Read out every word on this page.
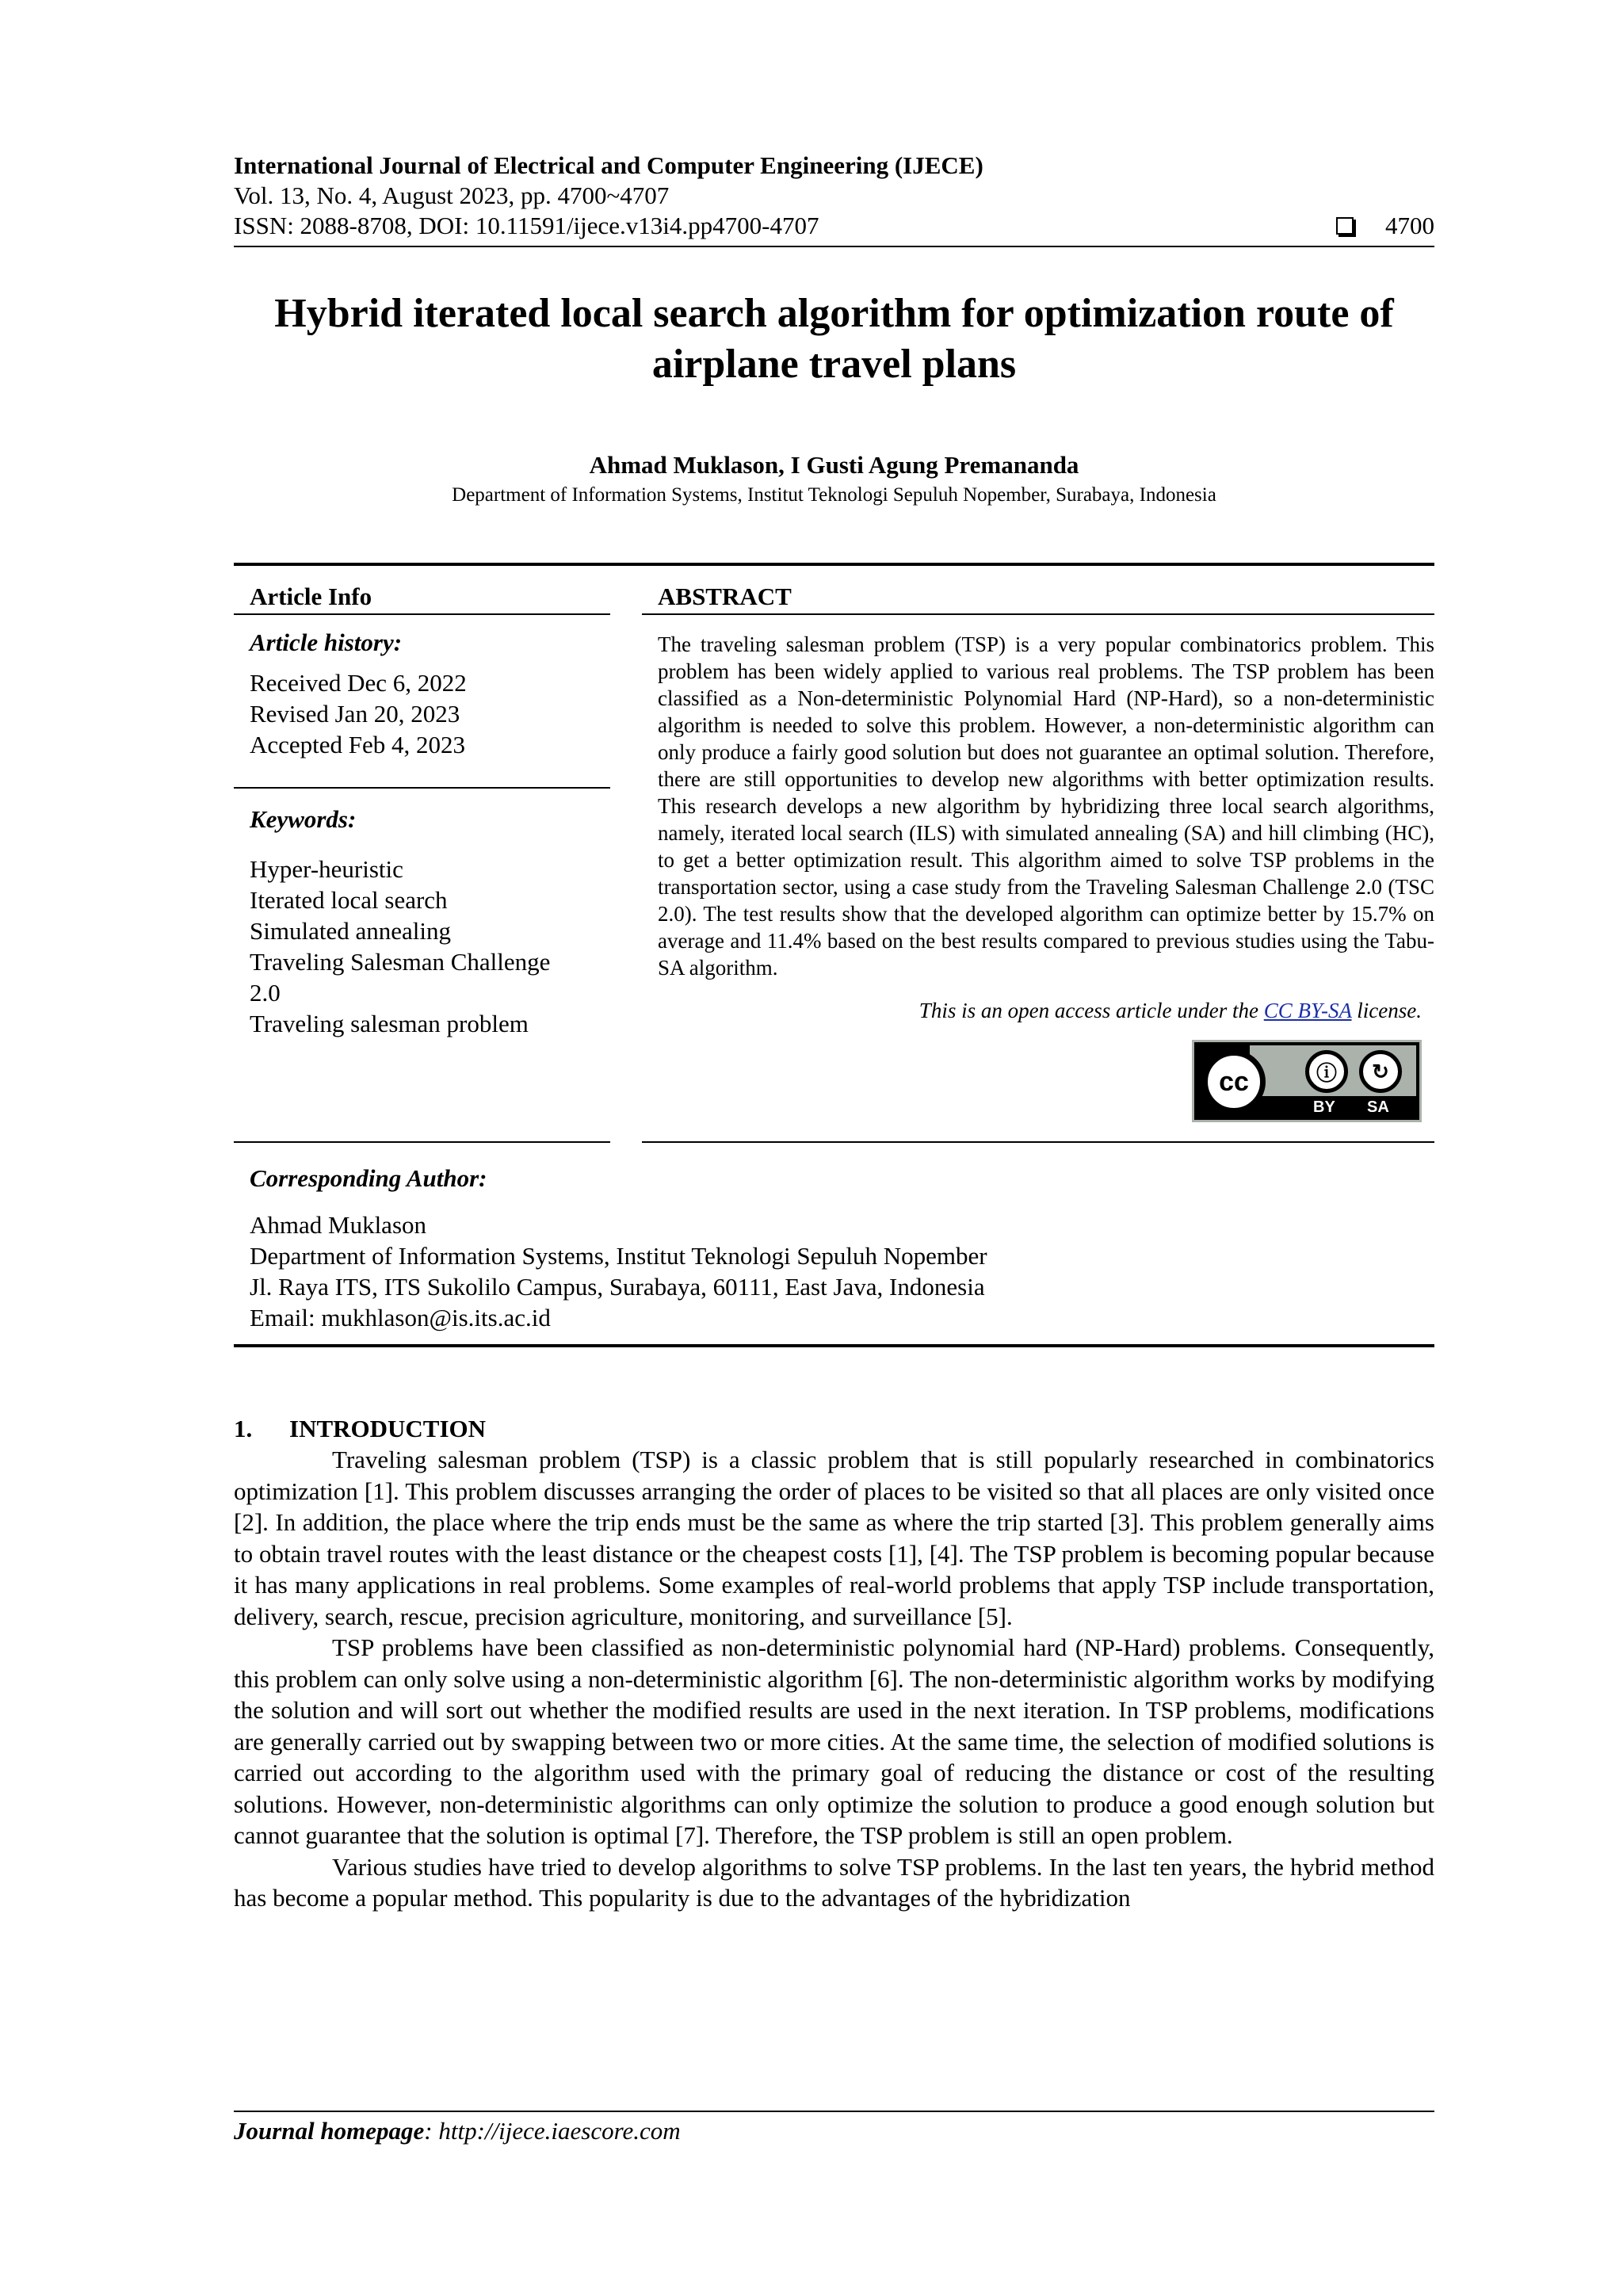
International Journal of Electrical and Computer Engineering (IJECE)
Vol. 13, No. 4, August 2023, pp. 4700~4707
ISSN: 2088-8708, DOI: 10.11591/ijece.v13i4.pp4700-4707	4700
Hybrid iterated local search algorithm for optimization route of airplane travel plans
Ahmad Muklason, I Gusti Agung Premananda
Department of Information Systems, Institut Teknologi Sepuluh Nopember, Surabaya, Indonesia
Article Info
Article history:
Received Dec 6, 2022
Revised Jan 20, 2023
Accepted Feb 4, 2023
Keywords:
Hyper-heuristic
Iterated local search
Simulated annealing
Traveling Salesman Challenge
2.0
Traveling salesman problem
ABSTRACT
The traveling salesman problem (TSP) is a very popular combinatorics problem. This problem has been widely applied to various real problems. The TSP problem has been classified as a Non-deterministic Polynomial Hard (NP-Hard), so a non-deterministic algorithm is needed to solve this problem. However, a non-deterministic algorithm can only produce a fairly good solution but does not guarantee an optimal solution. Therefore, there are still opportunities to develop new algorithms with better optimization results. This research develops a new algorithm by hybridizing three local search algorithms, namely, iterated local search (ILS) with simulated annealing (SA) and hill climbing (HC), to get a better optimization result. This algorithm aimed to solve TSP problems in the transportation sector, using a case study from the Traveling Salesman Challenge 2.0 (TSC 2.0). The test results show that the developed algorithm can optimize better by 15.7% on average and 11.4% based on the best results compared to previous studies using the Tabu-SA algorithm.
This is an open access article under the CC BY-SA license.
cc	ⓘ	↻
BY SA
Corresponding Author:
Ahmad Muklason
Department of Information Systems, Institut Teknologi Sepuluh Nopember
Jl. Raya ITS, ITS Sukolilo Campus, Surabaya, 60111, East Java, Indonesia
Email: mukhlason@is.its.ac.id
1. INTRODUCTION

Traveling salesman problem (TSP) is a classic problem that is still popularly researched in combinatorics optimization [1]. This problem discusses arranging the order of places to be visited so that all places are only visited once [2]. In addition, the place where the trip ends must be the same as where the trip started [3]. This problem generally aims to obtain travel routes with the least distance or the cheapest costs [1], [4]. The TSP problem is becoming popular because it has many applications in real problems. Some examples of real-world problems that apply TSP include transportation, delivery, search, rescue, precision agriculture, monitoring, and surveillance [5].

TSP problems have been classified as non-deterministic polynomial hard (NP-Hard) problems. Consequently, this problem can only solve using a non-deterministic algorithm [6]. The non-deterministic algorithm works by modifying the solution and will sort out whether the modified results are used in the next iteration. In TSP problems, modifications are generally carried out by swapping between two or more cities. At the same time, the selection of modified solutions is carried out according to the algorithm used with the primary goal of reducing the distance or cost of the resulting solutions. However, non-deterministic algorithms can only optimize the solution to produce a good enough solution but cannot guarantee that the solution is optimal [7]. Therefore, the TSP problem is still an open problem.

Various studies have tried to develop algorithms to solve TSP problems. In the last ten years, the hybrid method has become a popular method. This popularity is due to the advantages of the hybridization

Journal homepage: http://ijece.iaescore.com
